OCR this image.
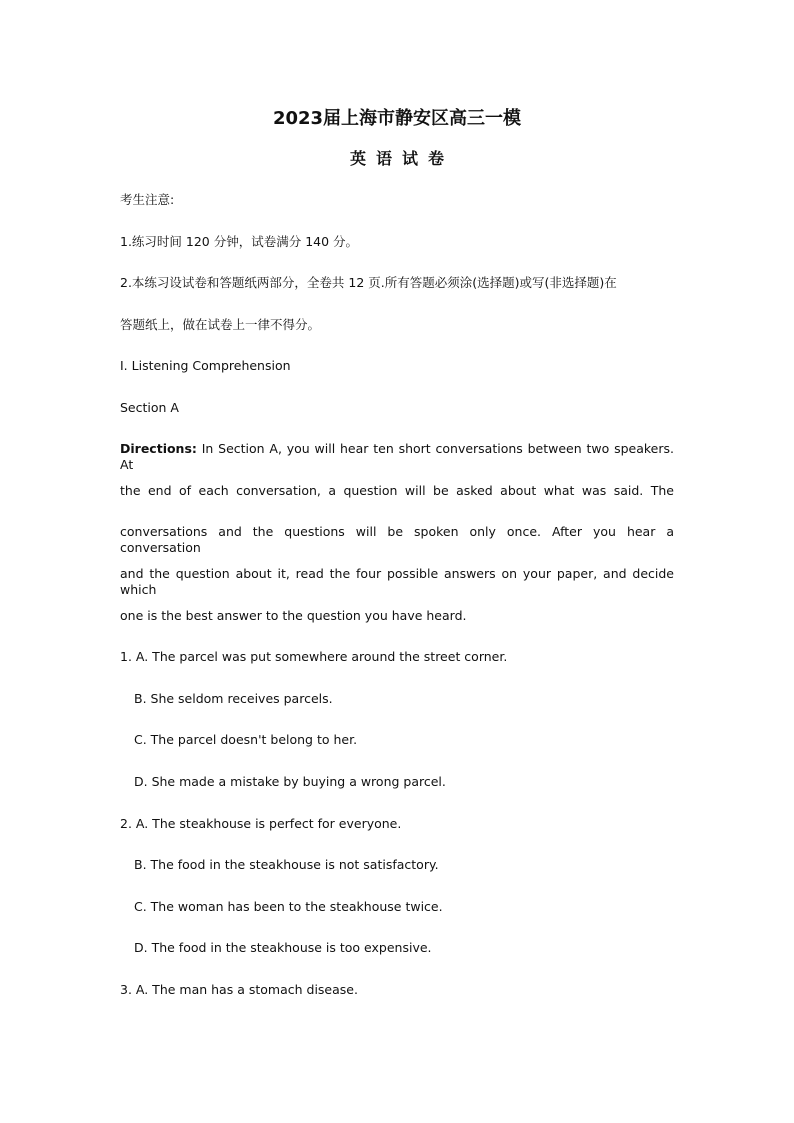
2023届上海市静安区高三一模
英语试卷
考生注意:
1.练习时间 120 分钟，试卷满分 140 分。
2.本练习设试卷和答题纸两部分，全卷共 12 页.所有答题必须涂(选择题)或写(非选择题)在
答题纸上，做在试卷上一律不得分。
I. Listening Comprehension
Section A
Directions: In Section A, you will hear ten short conversations between two speakers. At
the end of each conversation, a question will be asked about what was said. The
conversations and the questions will be spoken only once. After you hear a conversation
and the question about it, read the four possible answers on your paper, and decide which
one is the best answer to the question you have heard.
1. A. The parcel was put somewhere around the street corner.
B. She seldom receives parcels.
C. The parcel doesn't belong to her.
D. She made a mistake by buying a wrong parcel.
2. A. The steakhouse is perfect for everyone.
B. The food in the steakhouse is not satisfactory.
C. The woman has been to the steakhouse twice.
D. The food in the steakhouse is too expensive.
3. A. The man has a stomach disease.
